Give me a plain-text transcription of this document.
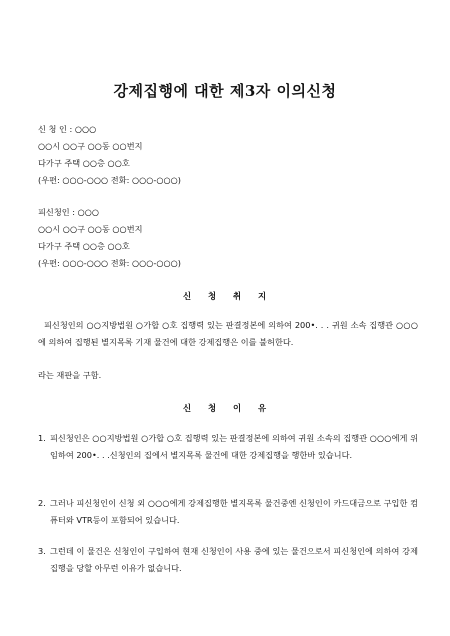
강제집행에 대한 제3자 이의신청
신 청 인 : ○○○
○○시 ○○구 ○○동 ○○번지
다가구 주택 ○○층 ○○호
(우편: ○○○-○○○ 전화: ○○○-○○○)
피신청인 : ○○○
○○시 ○○구 ○○동 ○○번지
다가구 주택 ○○층 ○○호
(우편: ○○○-○○○ 전화: ○○○-○○○)
신 청 취 지
피신청인의 ○○지방법원 ○가합 ○호 집행력 있는 판결정본에 의하여 200•. . . 귀원 소속 집행관 ○○○에 의하여 집행된 별지목록 기재 물건에 대한 강제집행은 이를 불허한다.
라는 재판을 구함.
신 청 이 유
1. 피신청인은 ○○지방법원 ○가합 ○호 집행력 있는 판결정본에 의하여 귀원 소속의 집행관 ○○○에게 위임하여 200•. . .신청인의 집에서 별지목록 물건에 대한 강제집행을 행한바 있습니다.
2. 그러나 피신청인이 신청 외 ○○○에게 강제집행한 별지목록 물건중엔 신청인이 카드대금으로 구입한 컴퓨터와 VTR등이 포함되어 있습니다.
3. 그런데 이 물건은 신청인이 구입하여 현재 신청인이 사용 중에 있는 물건으로서 피신청인에 의하여 강제집행을 당할 아무런 이유가 없습니다.
